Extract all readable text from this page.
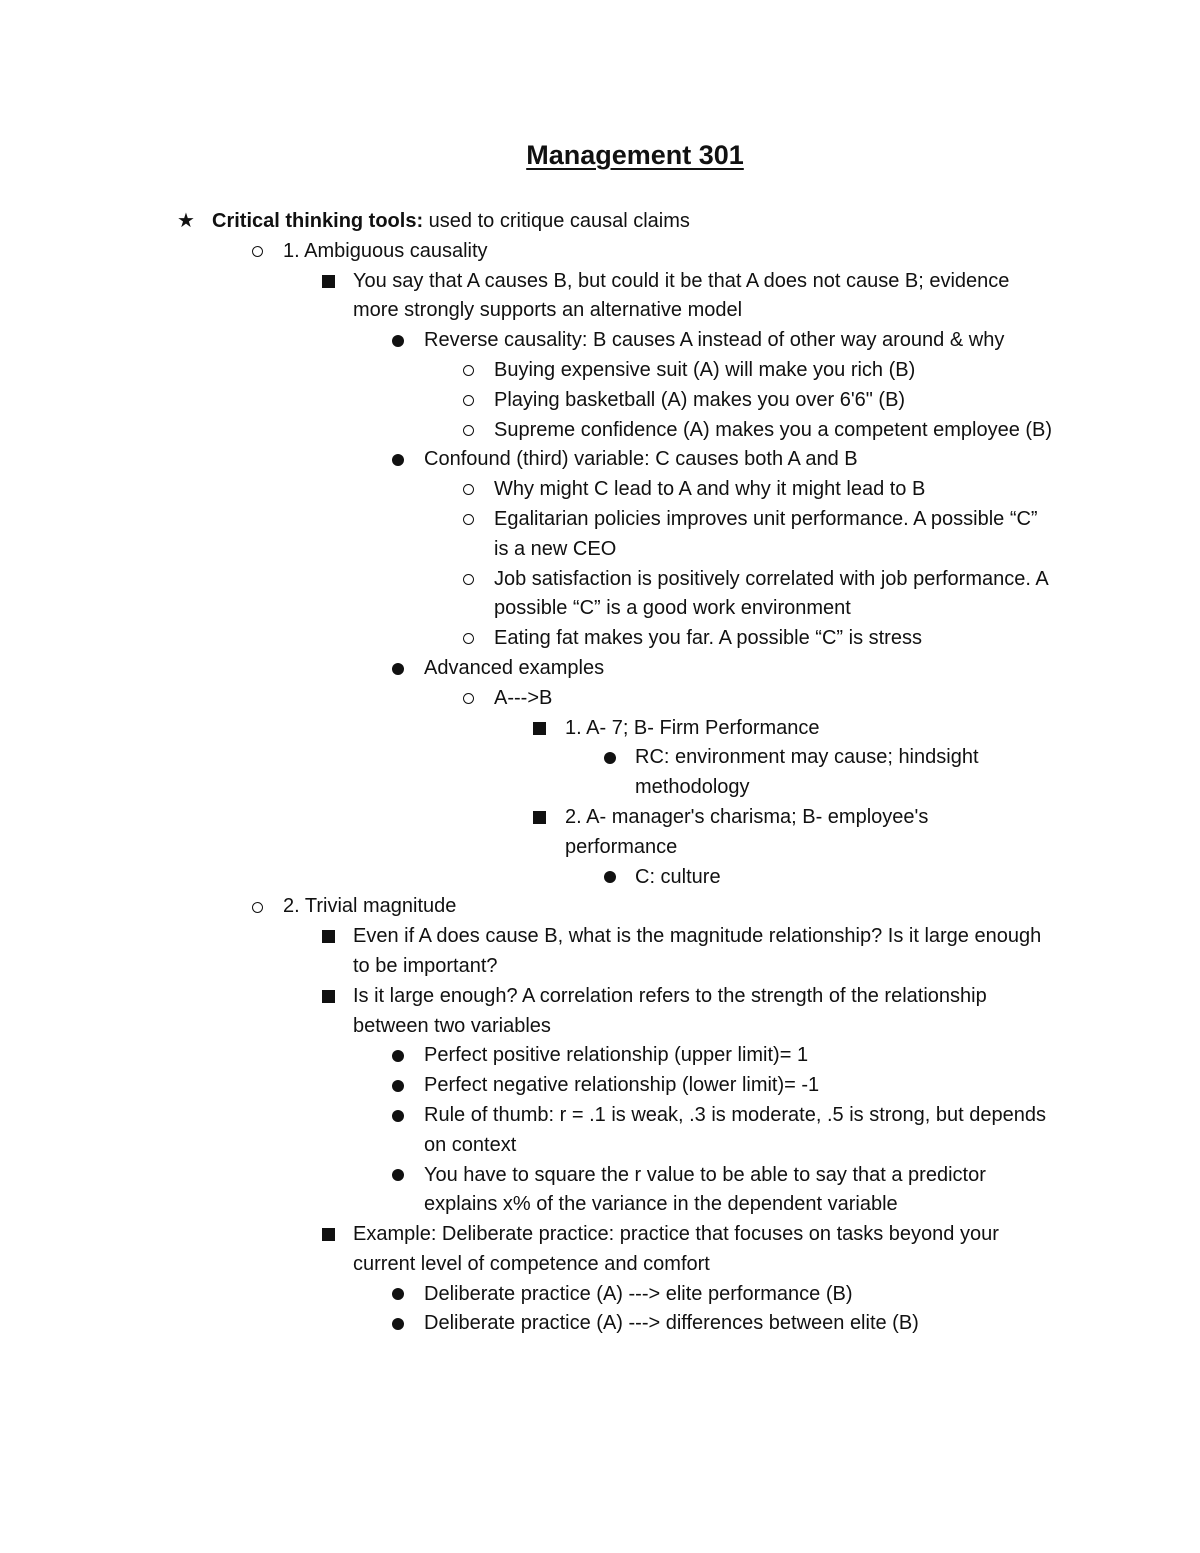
Management 301
★ Critical thinking tools: used to critique causal claims
1. Ambiguous causality
You say that A causes B, but could it be that A does not cause B; evidence more strongly supports an alternative model
Reverse causality: B causes A instead of other way around & why
Buying expensive suit (A) will make you rich (B)
Playing basketball (A) makes you over 6'6" (B)
Supreme confidence (A) makes you a competent employee (B)
Confound (third) variable: C causes both A and B
Why might C lead to A and why it might lead to B
Egalitarian policies improves unit performance. A possible “C” is a new CEO
Job satisfaction is positively correlated with job performance. A possible “C” is a good work environment
Eating fat makes you far. A possible “C” is stress
Advanced examples
A--->B
1. A- 7; B- Firm Performance
RC: environment may cause; hindsight methodology
2. A- manager's charisma; B- employee's performance
C: culture
2. Trivial magnitude
Even if A does cause B, what is the magnitude relationship? Is it large enough to be important?
Is it large enough? A correlation refers to the strength of the relationship between two variables
Perfect positive relationship (upper limit)= 1
Perfect negative relationship (lower limit)= -1
Rule of thumb: r = .1 is weak, .3 is moderate, .5 is strong, but depends on context
You have to square the r value to be able to say that a predictor explains x% of the variance in the dependent variable
Example: Deliberate practice: practice that focuses on tasks beyond your current level of competence and comfort
Deliberate practice (A) ---> elite performance (B)
Deliberate practice (A) ---> differences between elite (B)
